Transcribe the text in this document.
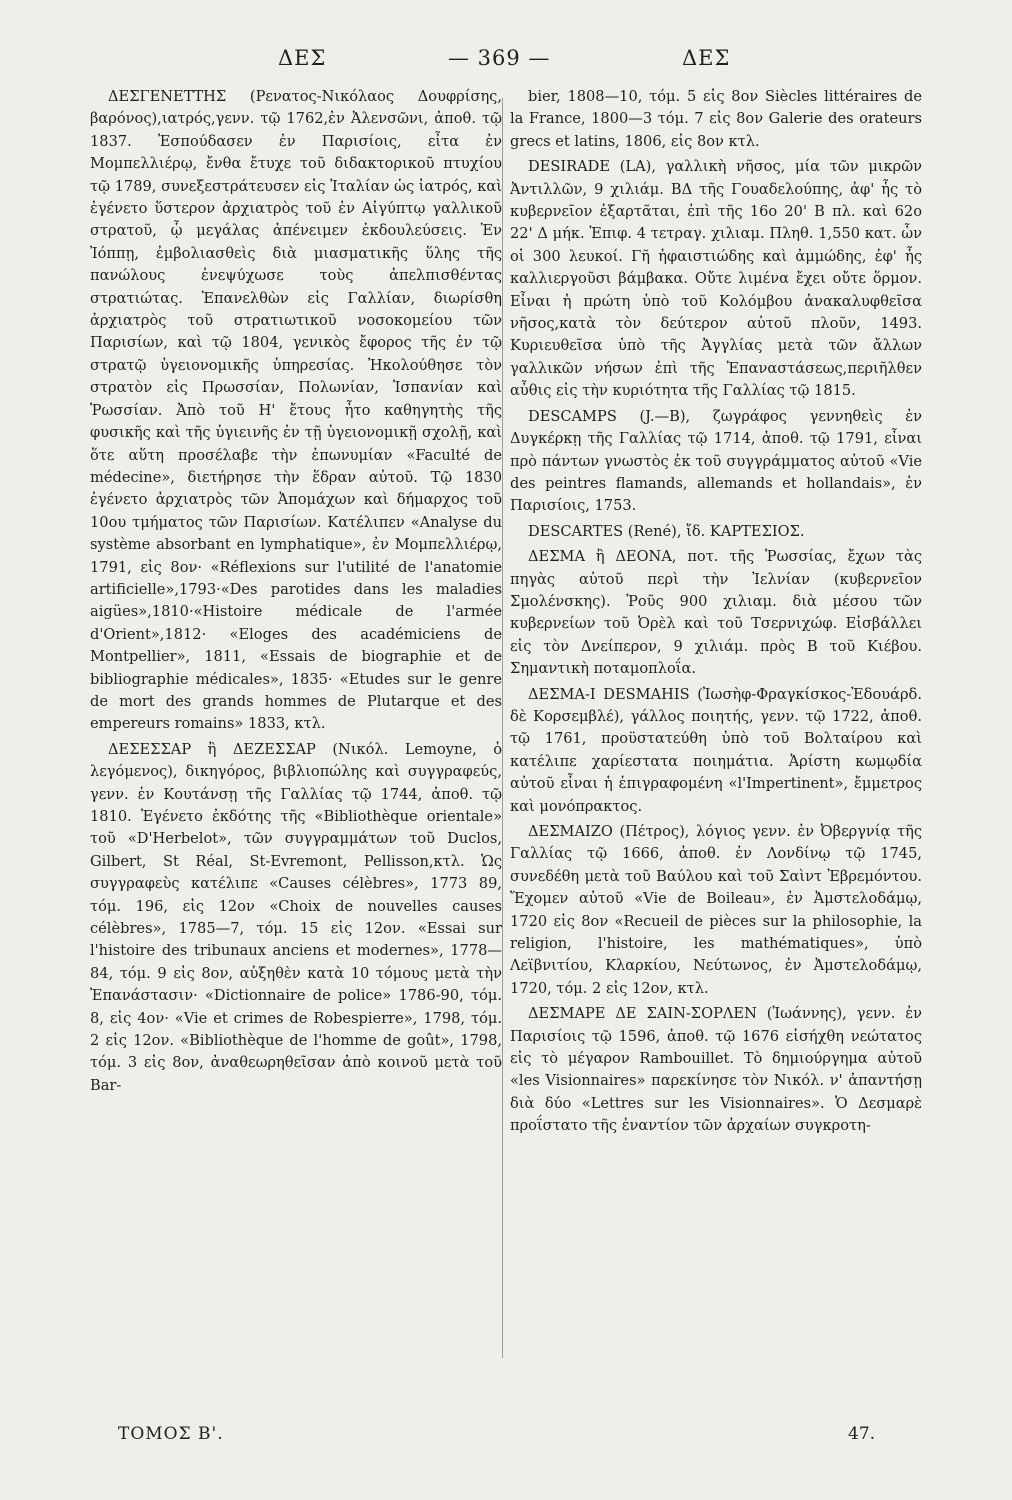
ΔΕΣ	— 369 —	ΔΕΣ

ΔΕΣΓΕΝΕΤΤΗΣ (Ρενατος-Νικόλαος Δουφρίσης, βαρόνος),ιατρός,γενν. τῷ 1762,ἐν Ἀλενσῶνι, ἀποθ. τῷ 1837. Ἐσπούδασεν ἐν Παρισίοις, εἶτα ἐν Μομπελλιέρῳ, ἔνθα ἔτυχε τοῦ διδακτορικοῦ πτυχίου τῷ 1789, συνεξεστράτευσεν εἰς Ἰταλίαν ὡς ἰατρός, καὶ ἐγένετο ὕστερον ἀρχιατρὸς τοῦ ἐν Αἰγύπτῳ γαλλικοῦ στρατοῦ, ᾧ μεγάλας ἀπένειμεν ἐκδουλεύσεις. Ἐν Ἰόππῃ, ἐμβολιασθεὶς διὰ μιασματικῆς ὕλης τῆς πανώλους ἐνεψύχωσε τοὺς ἀπελπισθέντας στρατιώτας. Ἐπανελθὼν εἰς Γαλλίαν, διωρίσθη ἀρχιατρὸς τοῦ στρατιωτικοῦ νοσοκομείου τῶν Παρισίων, καὶ τῷ 1804, γενικὸς ἔφορος τῆς ἐν τῷ στρατῷ ὑγειονομικῆς ὑπηρεσίας. Ἠκολούθησε τὸν στρατὸν εἰς Πρωσσίαν, Πολωνίαν, Ἱσπανίαν καὶ Ῥωσσίαν. Ἀπὸ τοῦ Η' ἔτους ἦτο καθηγητὴς τῆς φυσικῆς καὶ τῆς ὑγιεινῆς ἐν τῇ ὑγειονομικῇ σχολῇ, καὶ ὅτε αὕτη προσέλαβε τὴν ἐπωνυμίαν «Faculté de médecine», διετήρησε τὴν ἕδραν αὐτοῦ. Τῷ 1830 ἐγένετο ἀρχιατρὸς τῶν Ἀπομάχων καὶ δήμαρχος τοῦ 10ου τμήματος τῶν Παρισίων. Κατέλιπεν «Analyse du système absorbant en lymphatique», ἐν Μομπελλιέρῳ, 1791, εἰς 8ον· «Réflexions sur l'utilité de l'anatomie artificielle»,1793·«Des parotides dans les maladies aigües»,1810·«Histoire médicale de l'armée d'Orient»,1812· «Eloges des académiciens de Montpellier», 1811, «Essais de biographie et de bibliographie médicales», 1835· «Etudes sur le genre de mort des grands hommes de Plutarque et des empereurs romains» 1833, κτλ.

ΔΕΣΕΣΣΑΡ ἢ ΔΕΖΕΣΣΑΡ (Νικόλ. Lemoyne, ὁ λεγόμενος), δικηγόρος, βιβλιοπώλης καὶ συγγραφεύς, γενν. ἐν Κουτάνσῃ τῆς Γαλλίας τῷ 1744, ἀποθ. τῷ 1810. Ἐγένετο ἐκδότης τῆς «Bibliothèque orientale» τοῦ «D'Herbelot», τῶν συγγραμμάτων τοῦ Duclos, Gilbert, St Réal, St-Evremont, Pellisson,κτλ. Ὡς συγγραφεὺς κατέλιπε «Causes célèbres», 1773 89, τόμ. 196, εἰς 12ον «Choix de nouvelles causes célèbres», 1785—7, τόμ. 15 εἰς 12ον. «Essai sur l'histoire des tribunaux anciens et modernes», 1778—84, τόμ. 9 εἰς 8ον, αὐξηθὲν κατὰ 10 τόμους μετὰ τὴν Ἐπανάστασιν· «Dictionnaire de police» 1786-90, τόμ. 8, εἰς 4ον· «Vie et crimes de Robespierre», 1798, τόμ. 2 εἰς 12ον. «Bibliothèque de l'homme de goût», 1798, τόμ. 3 εἰς 8ον, ἀναθεωρηθεῖσαν ἀπὸ κοινοῦ μετὰ τοῦ Bar-

bier, 1808—10, τόμ. 5 εἰς 8ον Siècles littéraires de la France, 1800—3 τόμ. 7 εἰς 8ον Galerie des orateurs grecs et latins, 1806, εἰς 8ον κτλ.

DESIRADE (LA), γαλλικὴ νῆσος, μία τῶν μικρῶν Ἀντιλλῶν, 9 χιλιάμ. ΒΔ τῆς Γουαδελούπης, ἀφ' ἧς τὸ κυβερνεῖον ἐξαρτᾶται, ἐπὶ τῆς 16ο 20' Β πλ. καὶ 62ο 22' Δ μήκ. Ἐπιφ. 4 τετραγ. χιλιαμ. Πληθ. 1,550 κατ. ὧν οἱ 300 λευκοί. Γῆ ἡφαιστιώδης καὶ ἀμμώδης, ἐφ' ἧς καλλιεργοῦσι βάμβακα. Οὔτε λιμένα ἔχει οὔτε ὅρμον. Εἶναι ἡ πρώτη ὑπὸ τοῦ Κολόμβου ἀνακαλυφθεῖσα νῆσος,κατὰ τὸν δεύτερον αὐτοῦ πλοῦν, 1493. Κυριευθεῖσα ὑπὸ τῆς Ἀγγλίας μετὰ τῶν ἄλλων γαλλικῶν νήσων ἐπὶ τῆς Ἐπαναστάσεως,περιῆλθεν αὖθις εἰς τὴν κυριότητα τῆς Γαλλίας τῷ 1815.

DESCAMPS (J.—B), ζωγράφος γεννηθεὶς ἐν Δυγκέρκῃ τῆς Γαλλίας τῷ 1714, ἀποθ. τῷ 1791, εἶναι πρὸ πάντων γνωστὸς ἐκ τοῦ συγγράμματος αὐτοῦ «Vie des peintres flamands, allemands et hollandais», ἐν Παρισίοις, 1753.

DESCARTES (René), ἴδ. ΚΑΡΤΕΣΙΟΣ.

ΔΕΣΜΑ ἢ ΔΕΟΝΑ, ποτ. τῆς Ῥωσσίας, ἔχων τὰς πηγὰς αὐτοῦ περὶ τὴν Ἰελνίαν (κυβερνεῖον Σμολένσκης). Ῥοῦς 900 χιλιαμ. διὰ μέσου τῶν κυβερνείων τοῦ Ὀρὲλ καὶ τοῦ Τσερνιχώφ. Εἰσβάλλει εἰς τὸν Δνείπερον, 9 χιλιάμ. πρὸς Β τοῦ Κιέβου. Σημαντικὴ ποταμοπλοΐα.

ΔΕΣΜΑ-Ι DESMAHIS (Ἰωσὴφ-Φραγκίσκος-Ἐδουάρδ. δὲ Κορσεμβλέ), γάλλος ποιητής, γενν. τῷ 1722, ἀποθ. τῷ 1761, προϋστατεύθη ὑπὸ τοῦ Βολταίρου καὶ κατέλιπε χαρίεστατα ποιημάτια. Ἀρίστη κωμῳδία αὐτοῦ εἶναι ἡ ἐπιγραφομένη «l'Impertinent», ἔμμετρος καὶ μονόπρακτος.

ΔΕΣΜΑΙΖΟ (Πέτρος), λόγιος γενν. ἐν Ὀβεργνίᾳ τῆς Γαλλίας τῷ 1666, ἀποθ. ἐν Λονδίνῳ τῷ 1745, συνεδέθη μετὰ τοῦ Βαύλου καὶ τοῦ Σαὶντ Ἐβρεμόντου. Ἔχομεν αὐτοῦ «Vie de Boileau», ἐν Ἀμστελοδάμῳ, 1720 εἰς 8ον «Recueil de pièces sur la philosophie, la religion, l'histoire, les mathématiques», ὑπὸ Λεϊβνιτίου, Κλαρκίου, Νεύτωνος, ἐν Ἀμστελοδάμῳ, 1720, τόμ. 2 εἰς 12ον, κτλ.

ΔΕΣΜΑΡΕ ΔΕ ΣΑΙΝ-ΣΟΡΛΕΝ (Ἰωάννης), γενν. ἐν Παρισίοις τῷ 1596, ἀποθ. τῷ 1676 εἰσήχθη νεώτατος εἰς τὸ μέγαρον Rambouillet. Τὸ δημιούργημα αὐτοῦ «les Visionnaires» παρεκίνησε τὸν Νικόλ. ν' ἀπαντήσῃ διὰ δύο «Lettres sur les Visionnaires». Ὁ Δεσμαρὲ προΐστατο τῆς ἐναντίον τῶν ἀρχαίων συγκροτη-

ΤΟΜΟΣ Β'.	47.
